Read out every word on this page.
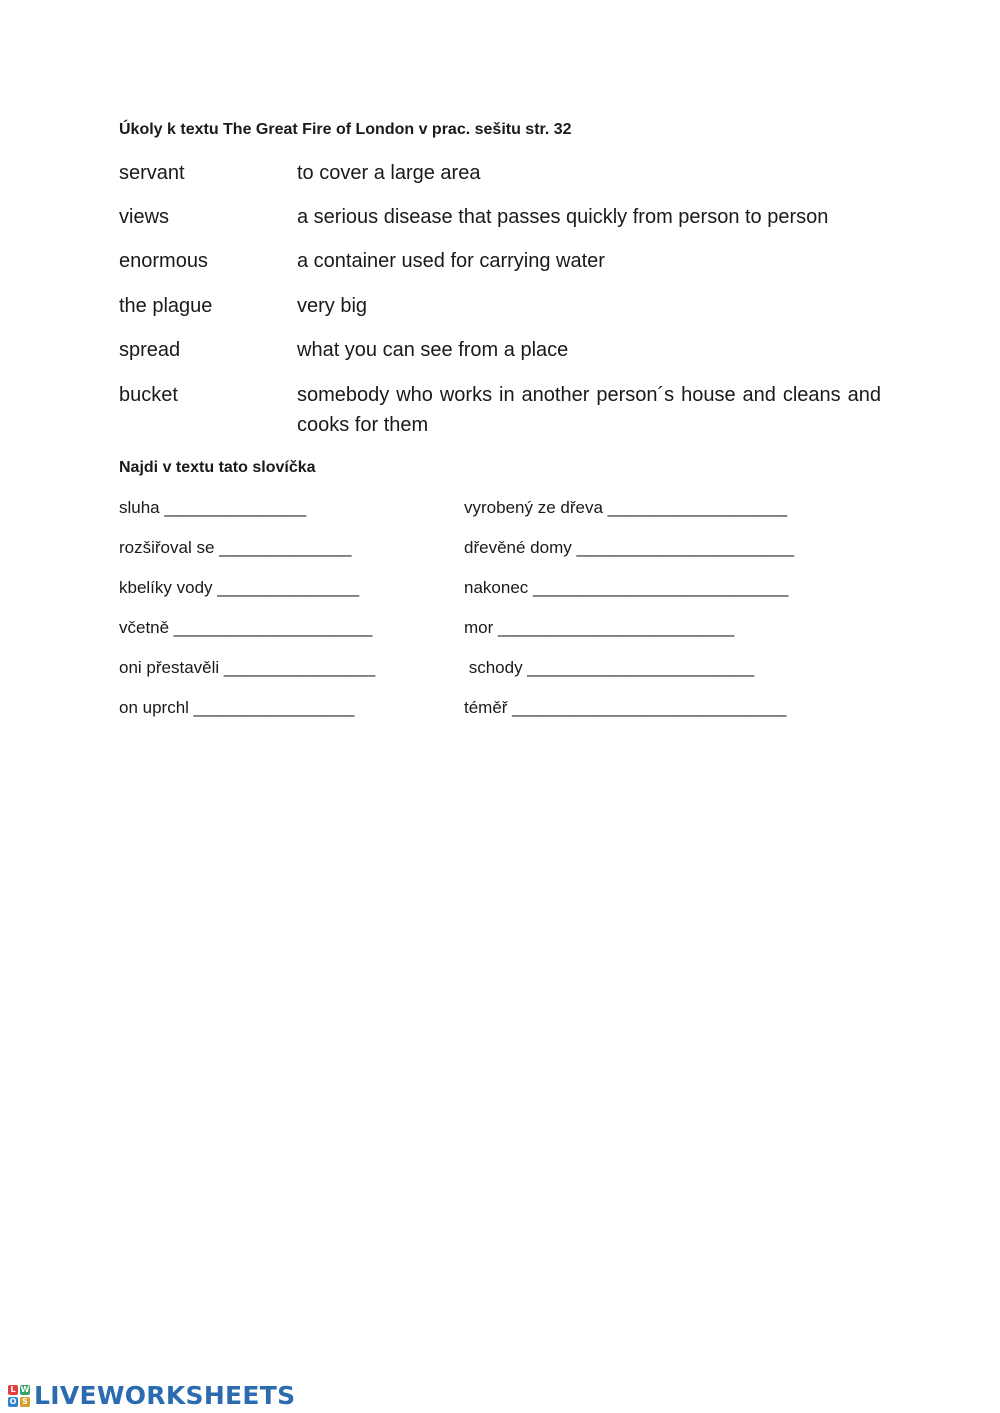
Úkoly k textu The Great Fire of London v prac. sešitu str. 32
servant	to cover a large area
views	a serious disease that passes quickly from person to person
enormous	a container used for carrying water
the plague	very big
spread	what you can see from a place
bucket	somebody who works in another person´s house and cleans and cooks for them
Najdi v textu tato slovíčka
sluha _______________
rozšiřoval se ______________
kbelíky vody _______________
včetně _____________________
oni přestavěli ________________
on uprchl _________________
vyrobený ze dřeva ___________________
dřevěné domy _______________________
nakonec ___________________________
mor _________________________
schody ________________________
téměř _____________________________
L W
O S LIVEWORKSHEETS
